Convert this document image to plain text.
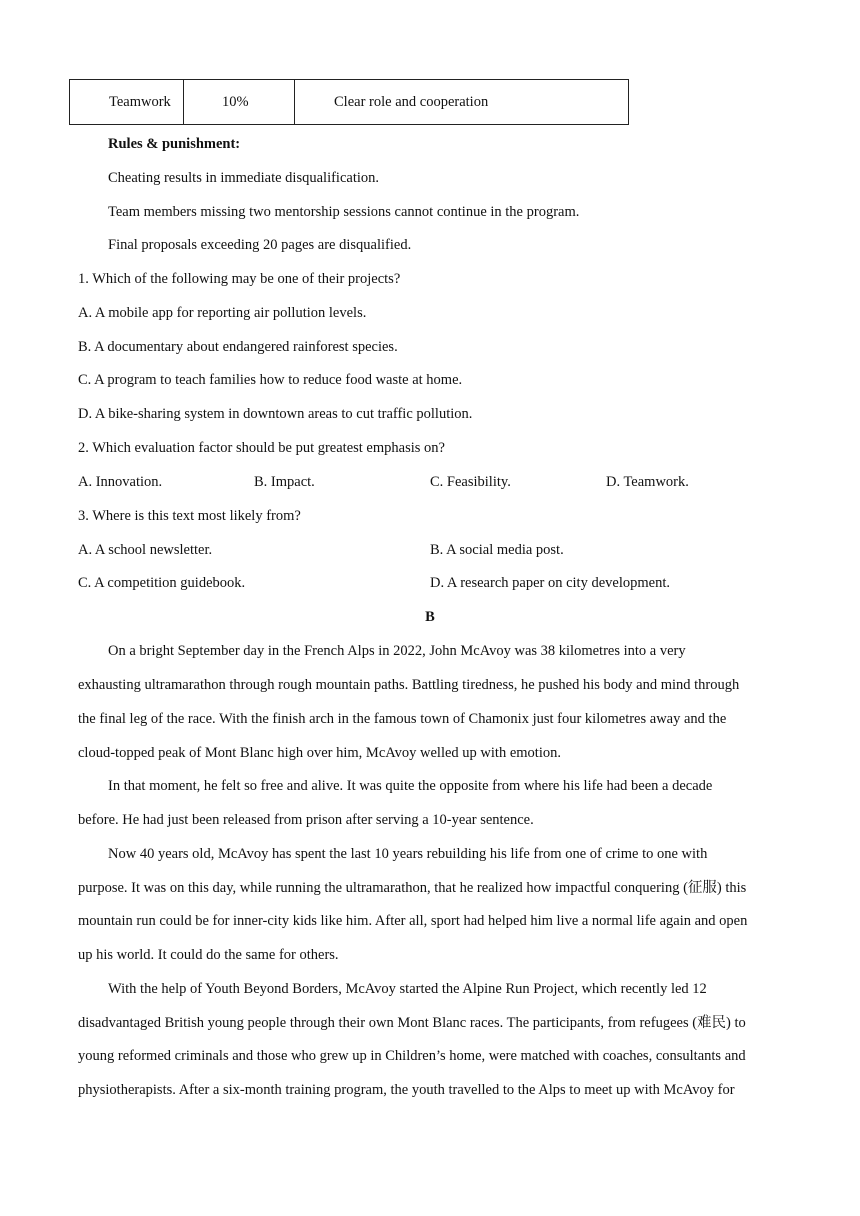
Teamwork	10%	Clear role and cooperation
Rules & punishment:
Cheating results in immediate disqualification.
Team members missing two mentorship sessions cannot continue in the program.
Final proposals exceeding 20 pages are disqualified.
1. Which of the following may be one of their projects?
A. A mobile app for reporting air pollution levels.
B. A documentary about endangered rainforest species.
C. A program to teach families how to reduce food waste at home.
D. A bike-sharing system in downtown areas to cut traffic pollution.
2. Which evaluation factor should be put greatest emphasis on?
A. Innovation.	B. Impact.	C. Feasibility.	D. Teamwork.
3. Where is this text most likely from?
A. A school newsletter.	B. A social media post.
C. A competition guidebook.	D. A research paper on city development.
B
On a bright September day in the French Alps in 2022, John McAvoy was 38 kilometres into a very
exhausting ultramarathon through rough mountain paths. Battling tiredness, he pushed his body and mind through
the final leg of the race. With the finish arch in the famous town of Chamonix just four kilometres away and the
cloud-topped peak of Mont Blanc high over him, McAvoy welled up with emotion.
In that moment, he felt so free and alive. It was quite the opposite from where his life had been a decade
before. He had just been released from prison after serving a 10-year sentence.
Now 40 years old, McAvoy has spent the last 10 years rebuilding his life from one of crime to one with
purpose. It was on this day, while running the ultramarathon, that he realized how impactful conquering (征服) this
mountain run could be for inner-city kids like him. After all, sport had helped him live a normal life again and open
up his world. It could do the same for others.
With the help of Youth Beyond Borders, McAvoy started the Alpine Run Project, which recently led 12
disadvantaged British young people through their own Mont Blanc races. The participants, from refugees (难民) to
young reformed criminals and those who grew up in Children’s home, were matched with coaches, consultants and
physiotherapists. After a six-month training program, the youth travelled to the Alps to meet up with McAvoy for
